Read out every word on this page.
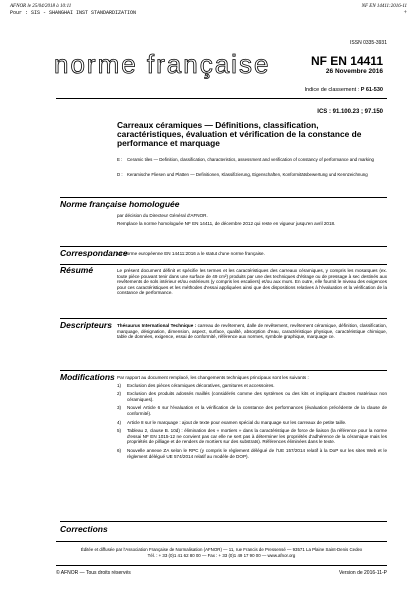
AFNOR le 25/04/2018 à 10:11
Pour : SIS - SHANGHAI INST STANDARDIZATION
NF EN 14411:2016-11
+
ISSN 0335-3931
norme française	NF EN 14411
26 Novembre 2016
Indice de classement : P 61-530
ICS : 91.100.23 ; 97.150
Carreaux céramiques — Définitions, classification, caractéristiques, évaluation et vérification de la constance de performance et marquage
E :	Ceramic tiles — Definition, classification, characteristics, assessment and verification of constancy of performance and marking
D : Keramische Fliesen und Platten — Definitionen, Klassifizierung, Eigenschaften, Konformitätsbewertung und Kennzeichnung
Norme française homologuée

par décision du Directeur Général d'AFNOR.

Remplace la norme homologuée NF EN 14411, de décembre 2012 qui reste en vigueur jusqu'en avril 2018.

Correspondance
La Norme européenne EN 14411:2016 a le statut d'une norme française.
Résumé	Le présent document définit et spécifie les termes et les caractéristiques des carreaux céramiques, y compris les mosaïques (ex. toute pièce pouvant tenir dans une surface de 49 cm²) produits par une des techniques d'étirage ou de pressage à sec destinés aux revêtements de sols intérieur et/ou extérieurs (y compris les escaliers) et/ou aux murs. En outre, elle fournit le niveau des exigences pour ces caractéristiques et les méthodes d'essai appliquées ainsi que des dispositions relatives à l'évaluation et la vérification de la constance de performance.
Descripteurs Thésaurus International Technique : carreau de revêtement, dalle de revêtement, revêtement céramique, définition, classification, marquage, désignation, dimension, aspect, surface, qualité, absorption d'eau, caractéristique physique, caractéristique chimique, table de données, exigence, essai de conformité, référence aux normes, symbole graphique, marquage ce.
Modifications Par rapport au document remplacé, les changements techniques principaux sont les suivants :
1) Exclusion des pièces céramiques décoratives, garnitures et accessoires.
2) Exclusion des produits adossés maillés (considérés comme des systèmes ou des kits et impliquant d'autres matériaux non céramiques).
3) Nouvel Article 6 sur l'évaluation et la vérification de la constance des performances (évaluation précédente de la clause de conformité).
4) Article 8 sur le marquage : ajout de texte pour examen spécial du marquage sur les carreaux de petite taille.
5) Tableau 2, clause B. 10d) : élimination des « mortiers » dans la caractéristique de force de liaison (la référence pour la norme d'essai NF EN 1015-12 ne convient pas car elle ne sert pas à déterminer les propriétés d'adhérence de la céramique mais les propriétés de pilliage et de renders de mortiers sur des substrats). Références éliminées dans le texte.
6) Nouvelle annexe ZA selon le RPC (y compris le règlement délégué de l'UE 157/2014 relatif à la DoP sur les sites Web et le règlement délégué UE 574/2014 relatif au modèle de DOP).
Corrections
Éditée et diffusée par l'Association Française de Normalisation (AFNOR) — 11, rue Francis de Pressensé — 93571 La Plaine Saint-Denis Cedex
Tél. : + 33 (0)1 41 62 80 00 — Fax : + 33 (0)1 49 17 90 00 — www.afnor.org
© AFNOR — Tous droits réservés	Version de 2016-11-P
